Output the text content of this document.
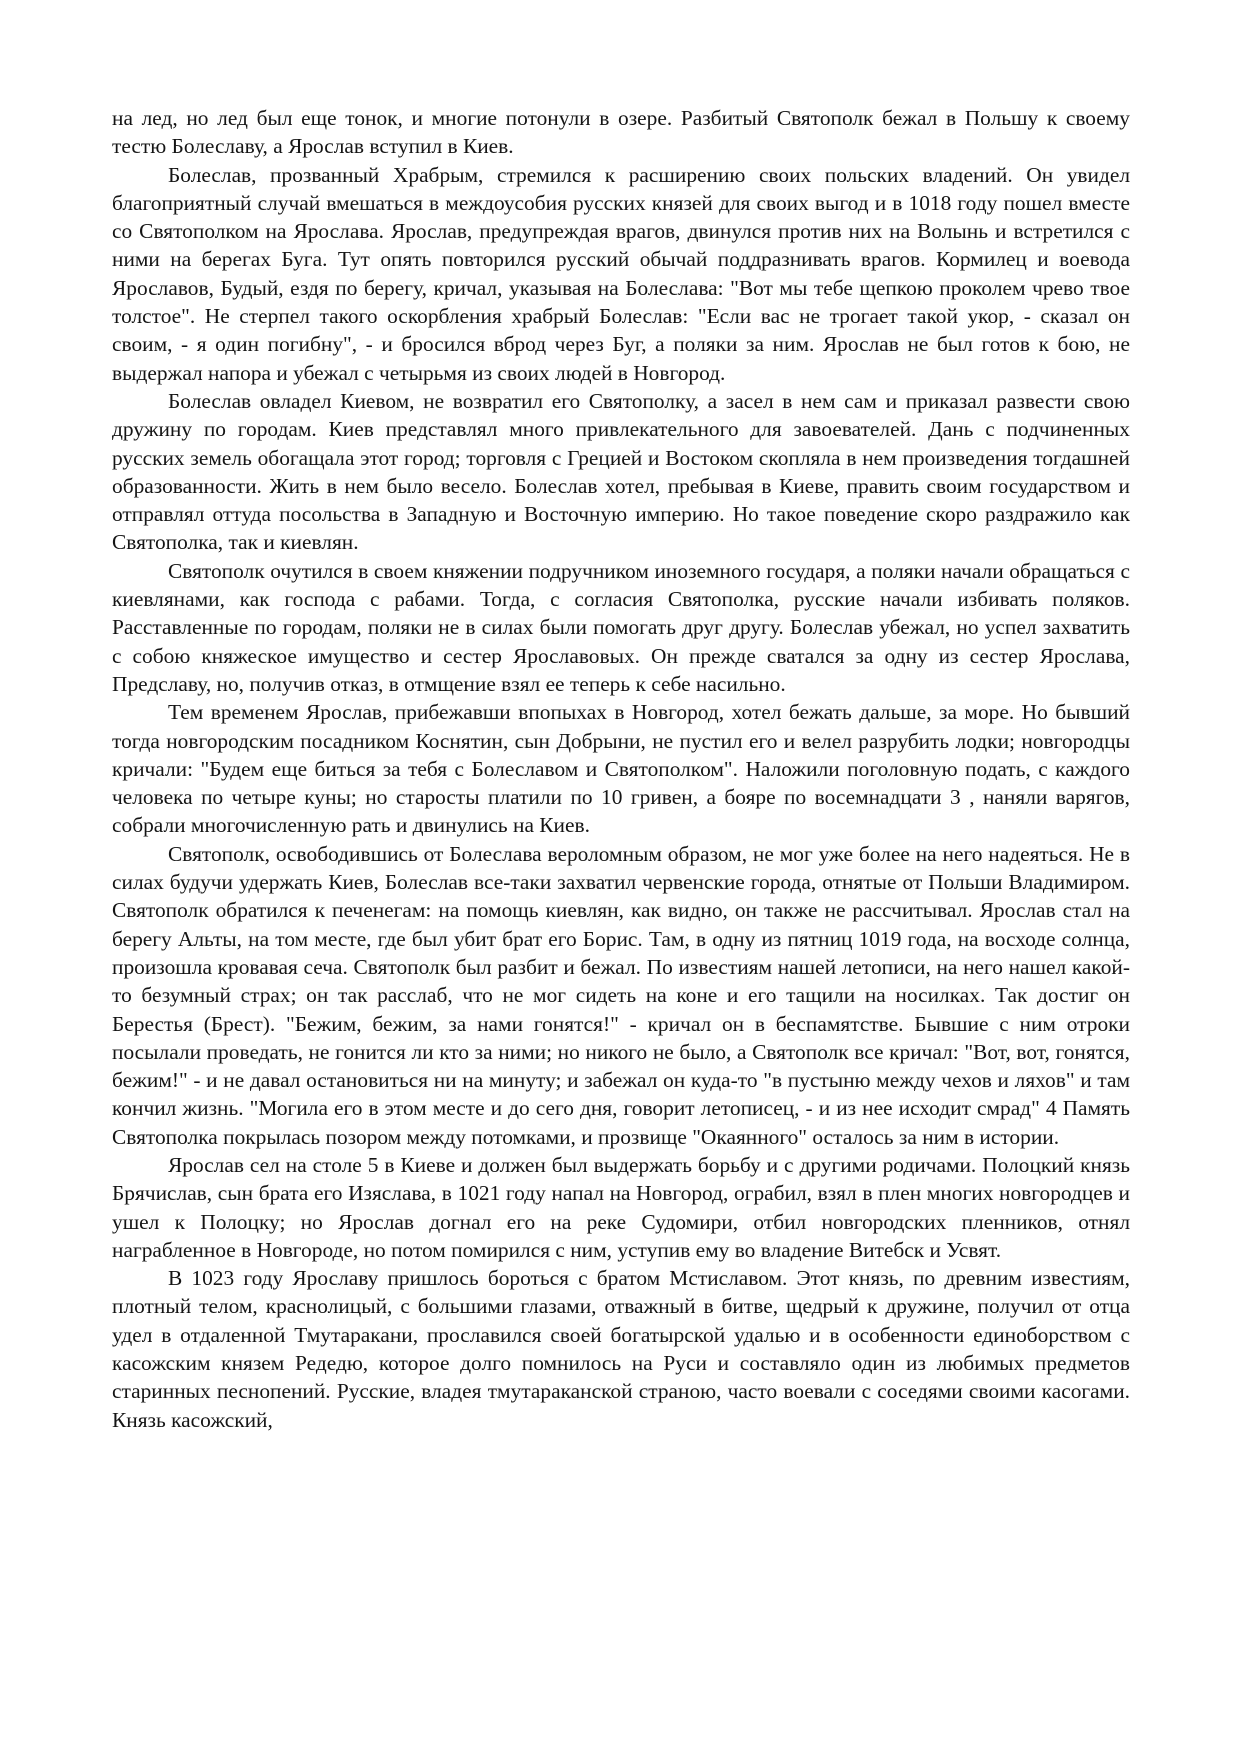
на лед, но лед был еще тонок, и многие потонули в озере. Разбитый Святополк бежал в Польшу к своему тестю Болеславу, а Ярослав вступил в Киев.

Болеслав, прозванный Храбрым, стремился к расширению своих польских владений. Он увидел благоприятный случай вмешаться в междоусобия русских князей для своих выгод и в 1018 году пошел вместе со Святополком на Ярослава. Ярослав, предупреждая врагов, двинулся против них на Волынь и встретился с ними на берегах Буга. Тут опять повторился русский обычай поддразнивать врагов. Кормилец и воевода Ярославов, Будый, ездя по берегу, кричал, указывая на Болеслава: "Вот мы тебе щепкою проколем чрево твое толстое". Не стерпел такого оскорбления храбрый Болеслав: "Если вас не трогает такой укор, - сказал он своим, - я один погибну", - и бросился вброд через Буг, а поляки за ним. Ярослав не был готов к бою, не выдержал напора и убежал с четырьмя из своих людей в Новгород.

Болеслав овладел Киевом, не возвратил его Святополку, а засел в нем сам и приказал развести свою дружину по городам. Киев представлял много привлекательного для завоевателей. Дань с подчиненных русских земель обогащала этот город; торговля с Грецией и Востоком скопляла в нем произведения тогдашней образованности. Жить в нем было весело. Болеслав хотел, пребывая в Киеве, править своим государством и отправлял оттуда посольства в Западную и Восточную империю. Но такое поведение скоро раздражило как Святополка, так и киевлян.

Святополк очутился в своем княжении подручником иноземного государя, а поляки начали обращаться с киевлянами, как господа с рабами. Тогда, с согласия Святополка, русские начали избивать поляков. Расставленные по городам, поляки не в силах были помогать друг другу. Болеслав убежал, но успел захватить с собою княжеское имущество и сестер Ярославовых. Он прежде сватался за одну из сестер Ярослава, Предславу, но, получив отказ, в отмщение взял ее теперь к себе насильно.

Тем временем Ярослав, прибежавши впопыхах в Новгород, хотел бежать дальше, за море. Но бывший тогда новгородским посадником Коснятин, сын Добрыни, не пустил его и велел разрубить лодки; новгородцы кричали: "Будем еще биться за тебя с Болеславом и Святополком". Наложили поголовную подать, с каждого человека по четыре куны; но старосты платили по 10 гривен, а бояре по восемнадцати 3 , наняли варягов, собрали многочисленную рать и двинулись на Киев.

Святополк, освободившись от Болеслава вероломным образом, не мог уже более на него надеяться. Не в силах будучи удержать Киев, Болеслав все-таки захватил червенские города, отнятые от Польши Владимиром. Святополк обратился к печенегам: на помощь киевлян, как видно, он также не рассчитывал. Ярослав стал на берегу Альты, на том месте, где был убит брат его Борис. Там, в одну из пятниц 1019 года, на восходе солнца, произошла кровавая сеча. Святополк был разбит и бежал. По известиям нашей летописи, на него нашел какой-то безумный страх; он так расслаб, что не мог сидеть на коне и его тащили на носилках. Так достиг он Берестья (Брест). "Бежим, бежим, за нами гонятся!" - кричал он в беспамятстве. Бывшие с ним отроки посылали проведать, не гонится ли кто за ними; но никого не было, а Святополк все кричал: "Вот, вот, гонятся, бежим!" - и не давал остановиться ни на минуту; и забежал он куда-то "в пустыню между чехов и ляхов" и там кончил жизнь. "Могила его в этом месте и до сего дня, говорит летописец, - и из нее исходит смрад" 4 Память Святополка покрылась позором между потомками, и прозвище "Окаянного" осталось за ним в истории.

Ярослав сел на столе 5 в Киеве и должен был выдержать борьбу и с другими родичами. Полоцкий князь Брячислав, сын брата его Изяслава, в 1021 году напал на Новгород, ограбил, взял в плен многих новгородцев и ушел к Полоцку; но Ярослав догнал его на реке Судомири, отбил новгородских пленников, отнял награбленное в Новгороде, но потом помирился с ним, уступив ему во владение Витебск и Усвят.

В 1023 году Ярославу пришлось бороться с братом Мстиславом. Этот князь, по древним известиям, плотный телом, краснолицый, с большими глазами, отважный в битве, щедрый к дружине, получил от отца удел в отдаленной Тмутаракани, прославился своей богатырской удалью и в особенности единоборством с касожским князем Редедю, которое долго помнилось на Руси и составляло один из любимых предметов старинных песнопений. Русские, владея тмутараканской страною, часто воевали с соседями своими касогами. Князь касожский,
